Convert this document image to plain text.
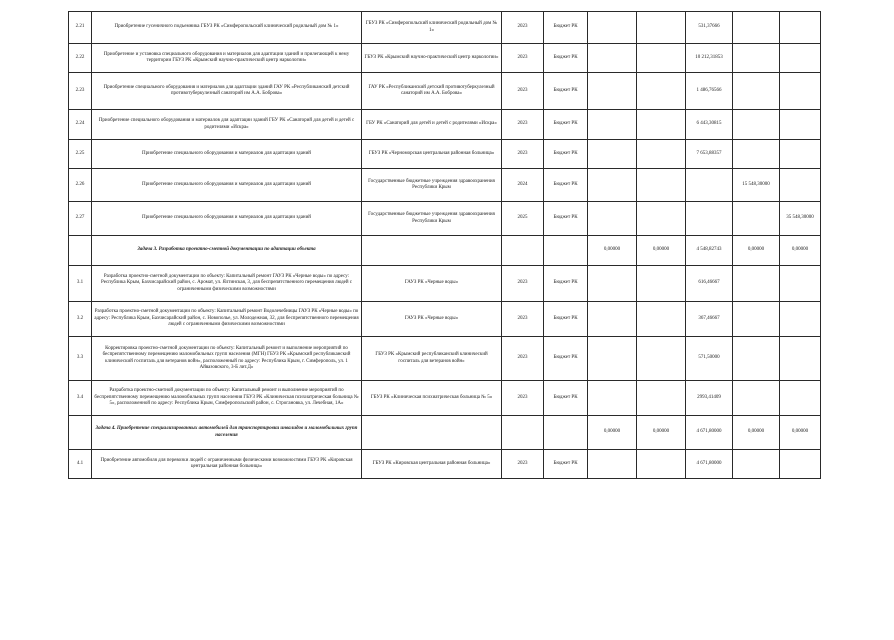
2.21	Приобретение гусеничного подъемника ГБУЗ РК «Симферопольский клинический родильный дом № 1»	ГБУЗ РК «Симферопольский клинический родильный дом № 1»	2023	Бюджет РК			531,37666		
2.22	Приобретение и установка специального оборудования и материалов для адаптации зданий и прилегающей к нему территории ГБУЗ РК «Крымский научно-практический центр наркологии»	ГБУЗ РК «Крымский научно-практический центр наркологии»	2023	Бюджет РК			10 212,31853		
2.23	Приобретение специального оборудования и материалов для адаптации зданий ГАУ РК «Республиканский детский противотуберкулезный санаторий им А.А. Боброва»	ГАУ РК «Республиканский детский противотуберкулезный санаторий им А.А. Боброва»	2023	Бюджет РК			1 486,76566		
2.24	Приобретение специального оборудования и материалов для адаптации зданий ГБУ РК «Санаторий для детей и детей с родителями «Искра»	ГБУ РК «Санаторий для детей и детей с родителями «Искра»	2023	Бюджет РК			6 443,30815		
2.25	Приобретение специального оборудования и материалов для адаптации зданий	ГБУЗ РК «Черноморская центральная районная больница»	2023	Бюджет РК			7 653,88357		
2.26	Приобретение специального оборудования и материалов для адаптации зданий	Государственные бюджетные учреждения здравоохранения Республики Крым	2024	Бюджет РК				15 548,30000	
2.27	Приобретение специального оборудования и материалов для адаптации зданий	Государственные бюджетные учреждения здравоохранения Республики Крым	2025	Бюджет РК					35 548,30000
	Задача 3. Разработка проектно-сметной документации по адаптации объекта				0,00000	0,00000	4 548,82743	0,00000	0,00000
3.1	Разработка проектно-сметной документации по объекту: Капитальный ремонт ГАУЗ РК «Черные воды» по адресу: Республика Крым, Бахчисарайский район, с. Аромат, ул. Ялтинская, 3, для беспрепятственного перемещения людей с ограниченными физическими возможностями	ГАУЗ РК «Черные воды»	2023	Бюджет РК			616,46667		
3.2	Разработка проектно-сметной документации по объекту: Капитальный ремонт Водолечебницы ГАУЗ РК «Черные воды» по адресу: Республика Крым, Бахчисарайский район, с. Новополье, ул. Молодежная, 32, для беспрепятственного перемещения людей с ограниченными физическими возможностями	ГАУЗ РК «Черные воды»	2023	Бюджет РК			367,46667		
3.3	Корректировка проектно-сметной документации по объекту: Капитальный ремонт и выполнение мероприятий по беспрепятственному перемещению маломобильных групп населения (МГН) ГБУЗ РК «Крымский республиканский клинический госпиталь для ветеранов войн», расположенный по адресу: Республика Крым, г. Симферополь, ул. 1 Айвазовского, 3-Б лит.Д»	ГБУЗ РК «Крымский республиканский клинический госпиталь для ветеранов войн»	2023	Бюджет РК			571,50000		
3.4	Разработка проектно-сметной документации по объекту: Капитальный ремонт и выполнение мероприятий по беспрепятственному перемещению маломобильных групп населения ГБУЗ РК «Клиническая психиатрическая больница № 5», расположенной по адресу: Республика Крым, Симферопольский район, с. Строгановка, ул. Лечебная, 1А»	ГБУЗ РК «Клиническая психиатрическая больница № 5»	2023	Бюджет РК			2993,41409		
	Задача 4. Приобретение специализированных автомобилей для транспортировки инвалидов и маломобильных групп населения				0,00000	0,00000	4 671,80000	0,00000	0,00000
4.1	Приобретение автомобиля для перевозки людей с ограниченными физическими возможностями ГБУЗ РК «Кировская центральная районная больница»	ГБУЗ РК «Кировская центральная районная больница»	2023	Бюджет РК			4 671,80000		
